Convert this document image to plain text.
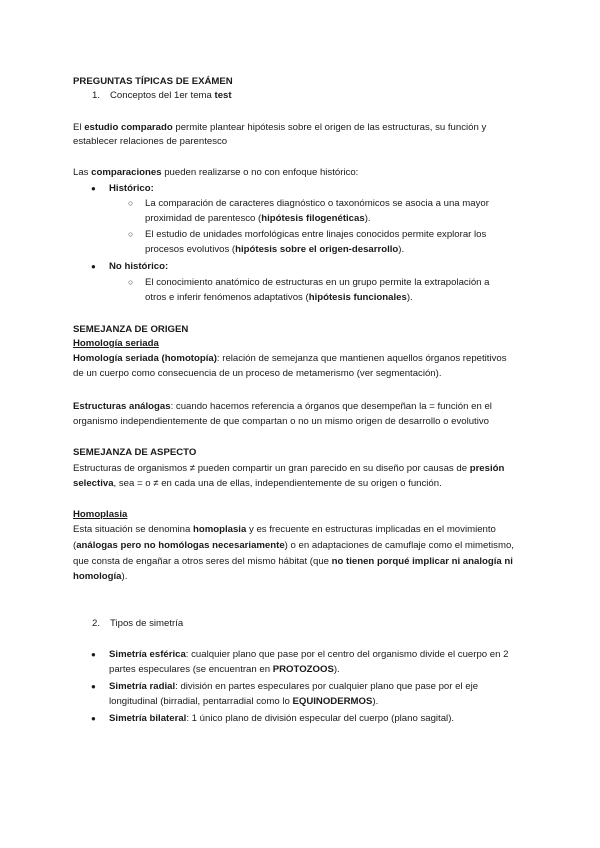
PREGUNTAS TÍPICAS DE EXÁMEN
1. Conceptos del 1er tema test
El estudio comparado permite plantear hipótesis sobre el origen de las estructuras, su función y
establecer relaciones de parentesco
Las comparaciones pueden realizarse o no con enfoque histórico:
● Histórico:
○ La comparación de caracteres diagnóstico o taxonómicos se asocia a una mayor
proximidad de parentesco (hipótesis filogenéticas).
○ El estudio de unidades morfológicas entre linajes conocidos permite explorar los
procesos evolutivos (hipótesis sobre el origen-desarrollo).
● No histórico:
○ El conocimiento anatómico de estructuras en un grupo permite la extrapolación a
otros e inferir fenómenos adaptativos (hipótesis funcionales).
SEMEJANZA DE ORIGEN
Homología seriada
Homología seriada (homotopía): relación de semejanza que mantienen aquellos órganos repetitivos
de un cuerpo como consecuencia de un proceso de metamerismo (ver segmentación).
Estructuras análogas: cuando hacemos referencia a órganos que desempeñan la = función en el
organismo independientemente de que compartan o no un mismo origen de desarrollo o evolutivo
SEMEJANZA DE ASPECTO
Estructuras de organismos ≠ pueden compartir un gran parecido en su diseño por causas de presión
selectiva, sea = o ≠ en cada una de ellas, independientemente de su origen o función.
Homoplasia
Esta situación se denomina homoplasia y es frecuente en estructuras implicadas en el movimiento
(análogas pero no homólogas necesariamente) o en adaptaciones de camuflaje como el mimetismo,
que consta de engañar a otros seres del mismo hábitat (que no tienen porqué implicar ni analogía ni
homología).
2. Tipos de simetría
● Simetría esférica: cualquier plano que pase por el centro del organismo divide el cuerpo en 2
partes especulares (se encuentran en PROTOZOOS).
● Simetría radial: división en partes especulares por cualquier plano que pase por el eje
longitudinal (birradial, pentarradial como lo EQUINODERMOS).
● Simetría bilateral: 1 único plano de división especular del cuerpo (plano sagital).
